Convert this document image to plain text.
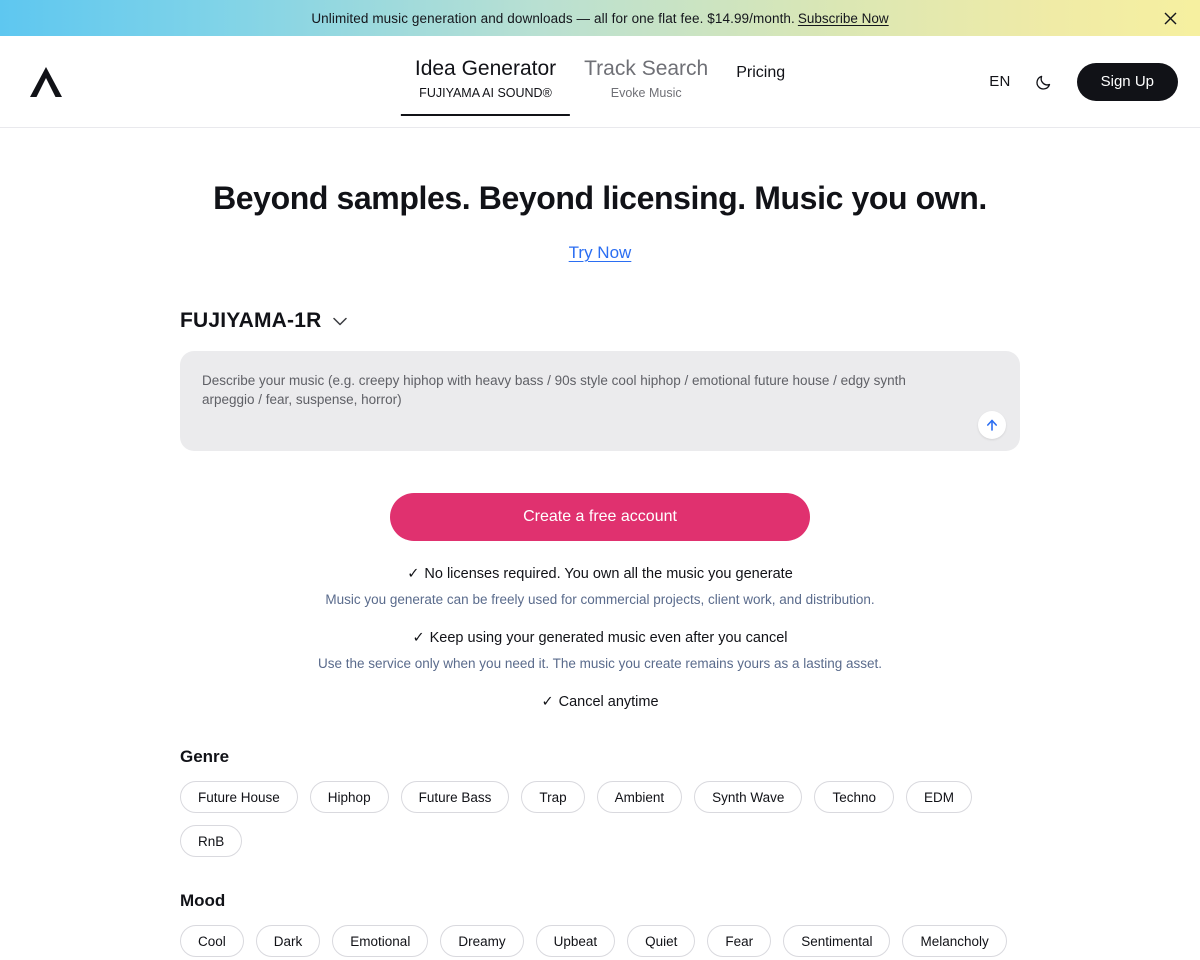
Unlimited music generation and downloads — all for one flat fee. $14.99/month. Subscribe Now
Idea Generator
FUJIYAMA AI SOUND®
Track Search
Evoke Music
Pricing
EN	Sign Up
Beyond samples. Beyond licensing. Music you own.
Try Now
FUJIYAMA-1R
Describe your music (e.g. creepy hiphop with heavy bass / 90s style cool hiphop / emotional future house / edgy synth arpeggio / fear, suspense, horror)
Create a free account
✓ No licenses required. You own all the music you generate
Music you generate can be freely used for commercial projects, client work, and distribution.
✓ Keep using your generated music even after you cancel
Use the service only when you need it. The music you create remains yours as a lasting asset.
✓ Cancel anytime
Genre
Future House	Hiphop	Future Bass	Trap	Ambient	Synth Wave	Techno	EDM
RnB
Mood
Cool	Dark	Emotional	Dreamy	Upbeat	Quiet	Fear	Sentimental	Melancholy
